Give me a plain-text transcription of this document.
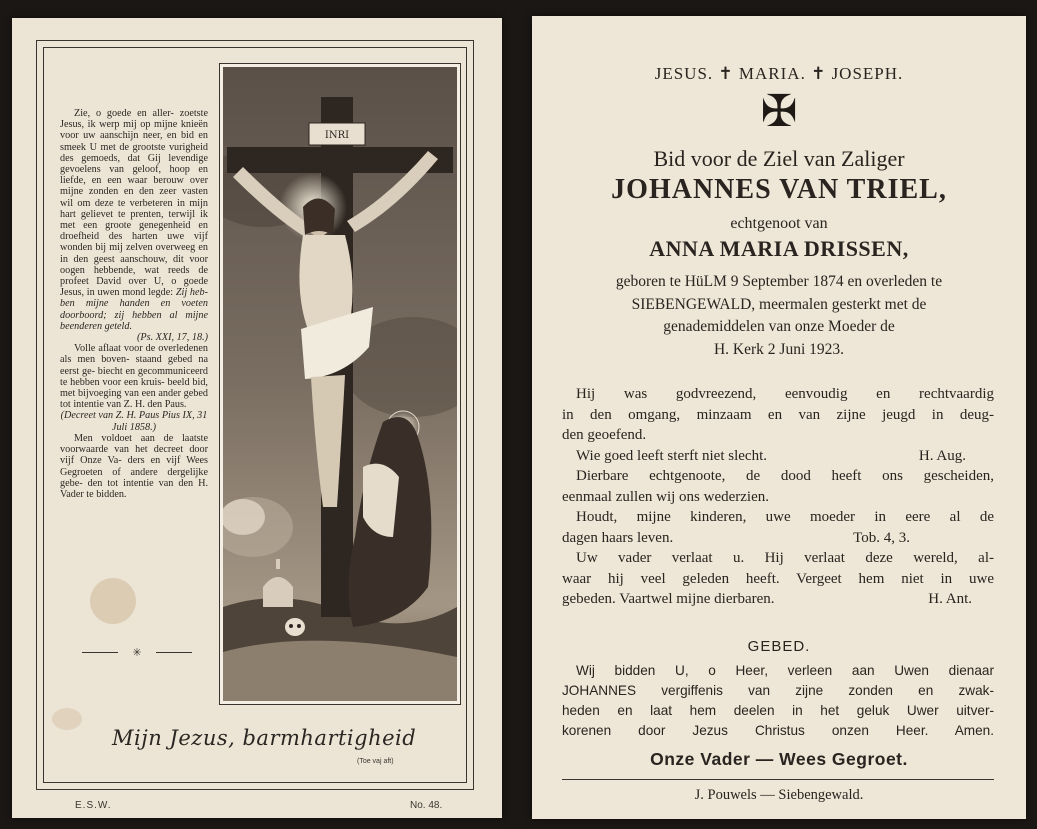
Zie, o goede en aller- zoetste Jesus, ik werp mij op mijne knieën voor uw aanschijn neer, en bid en smeek U met de grootste vurigheid des gemoeds, dat Gij levendige gevoelens van geloof, hoop en liefde, en een waar berouw over mijne zonden en den zeer vasten wil om deze te verbeteren in mijn hart gelievet te prenten, terwijl ik met een groote genegenheid en droefheid des harten uwe vijf wonden bij mij zelven overweeg en in den geest aanschouw, dit voor oogen hebbende, wat reeds de profeet David over U, o goede Jesus, in uwen mond legde: Zij heb- ben mijne handen en voeten doorboord; zij hebben al mijne beenderen geteld.
(Ps. XXI, 17, 18.)

Volle aflaat voor de overledenen als men boven- staand gebed na eerst ge- biecht en gecommuniceerd te hebben voor een kruis- beeld bid, met bijvoeging van een ander gebed tot intentie van Z. H. den Paus.
(Decreet van Z. H. Paus Pius IX, 31 Juli 1858.)

Men voldoet aan de laatste voorwaarde van het decreet door vijf Onze Va- ders en vijf Wees Gegroeten of andere dergelijke gebe- den tot intentie van den H. Vader te bidden.

✳
INRI
Mijn Jezus, barmhartigheid
(Toe vaj aft)
E.S.W.	No. 48.
JESUS. ✝ MARIA. ✝ JOSEPH.
✠
Bid voor de Ziel van Zaliger
JOHANNES VAN TRIEL,
echtgenoot van
ANNA MARIA DRISSEN,
geboren te HüLM 9 September 1874 en overleden te
SIEBENGEWALD, meermalen gesterkt met de
genademiddelen van onze Moeder de
H. Kerk 2 Juni 1923.
Hij was godvreezend, eenvoudig en rechtvaardig
in den omgang, minzaam en van zijne jeugd in deug-
den geoefend.
Wie goed leeft sterft niet slecht.	H. Aug.
Dierbare echtgenoote, de dood heeft ons gescheiden,
eenmaal zullen wij ons wederzien.
Houdt, mijne kinderen, uwe moeder in eere al de
dagen haars leven.	Tob. 4, 3.
Uw vader verlaat u. Hij verlaat deze wereld, al-
waar hij veel geleden heeft. Vergeet hem niet in uwe
gebeden. Vaartwel mijne dierbaren.	H. Ant.
GEBED.
Wij bidden U, o Heer, verleen aan Uwen dienaar
JOHANNES vergiffenis van zijne zonden en zwak-
heden en laat hem deelen in het geluk Uwer uitver-
korenen door Jezus Christus onzen Heer. Amen.
Onze Vader — Wees Gegroet.
J. Pouwels — Siebengewald.
